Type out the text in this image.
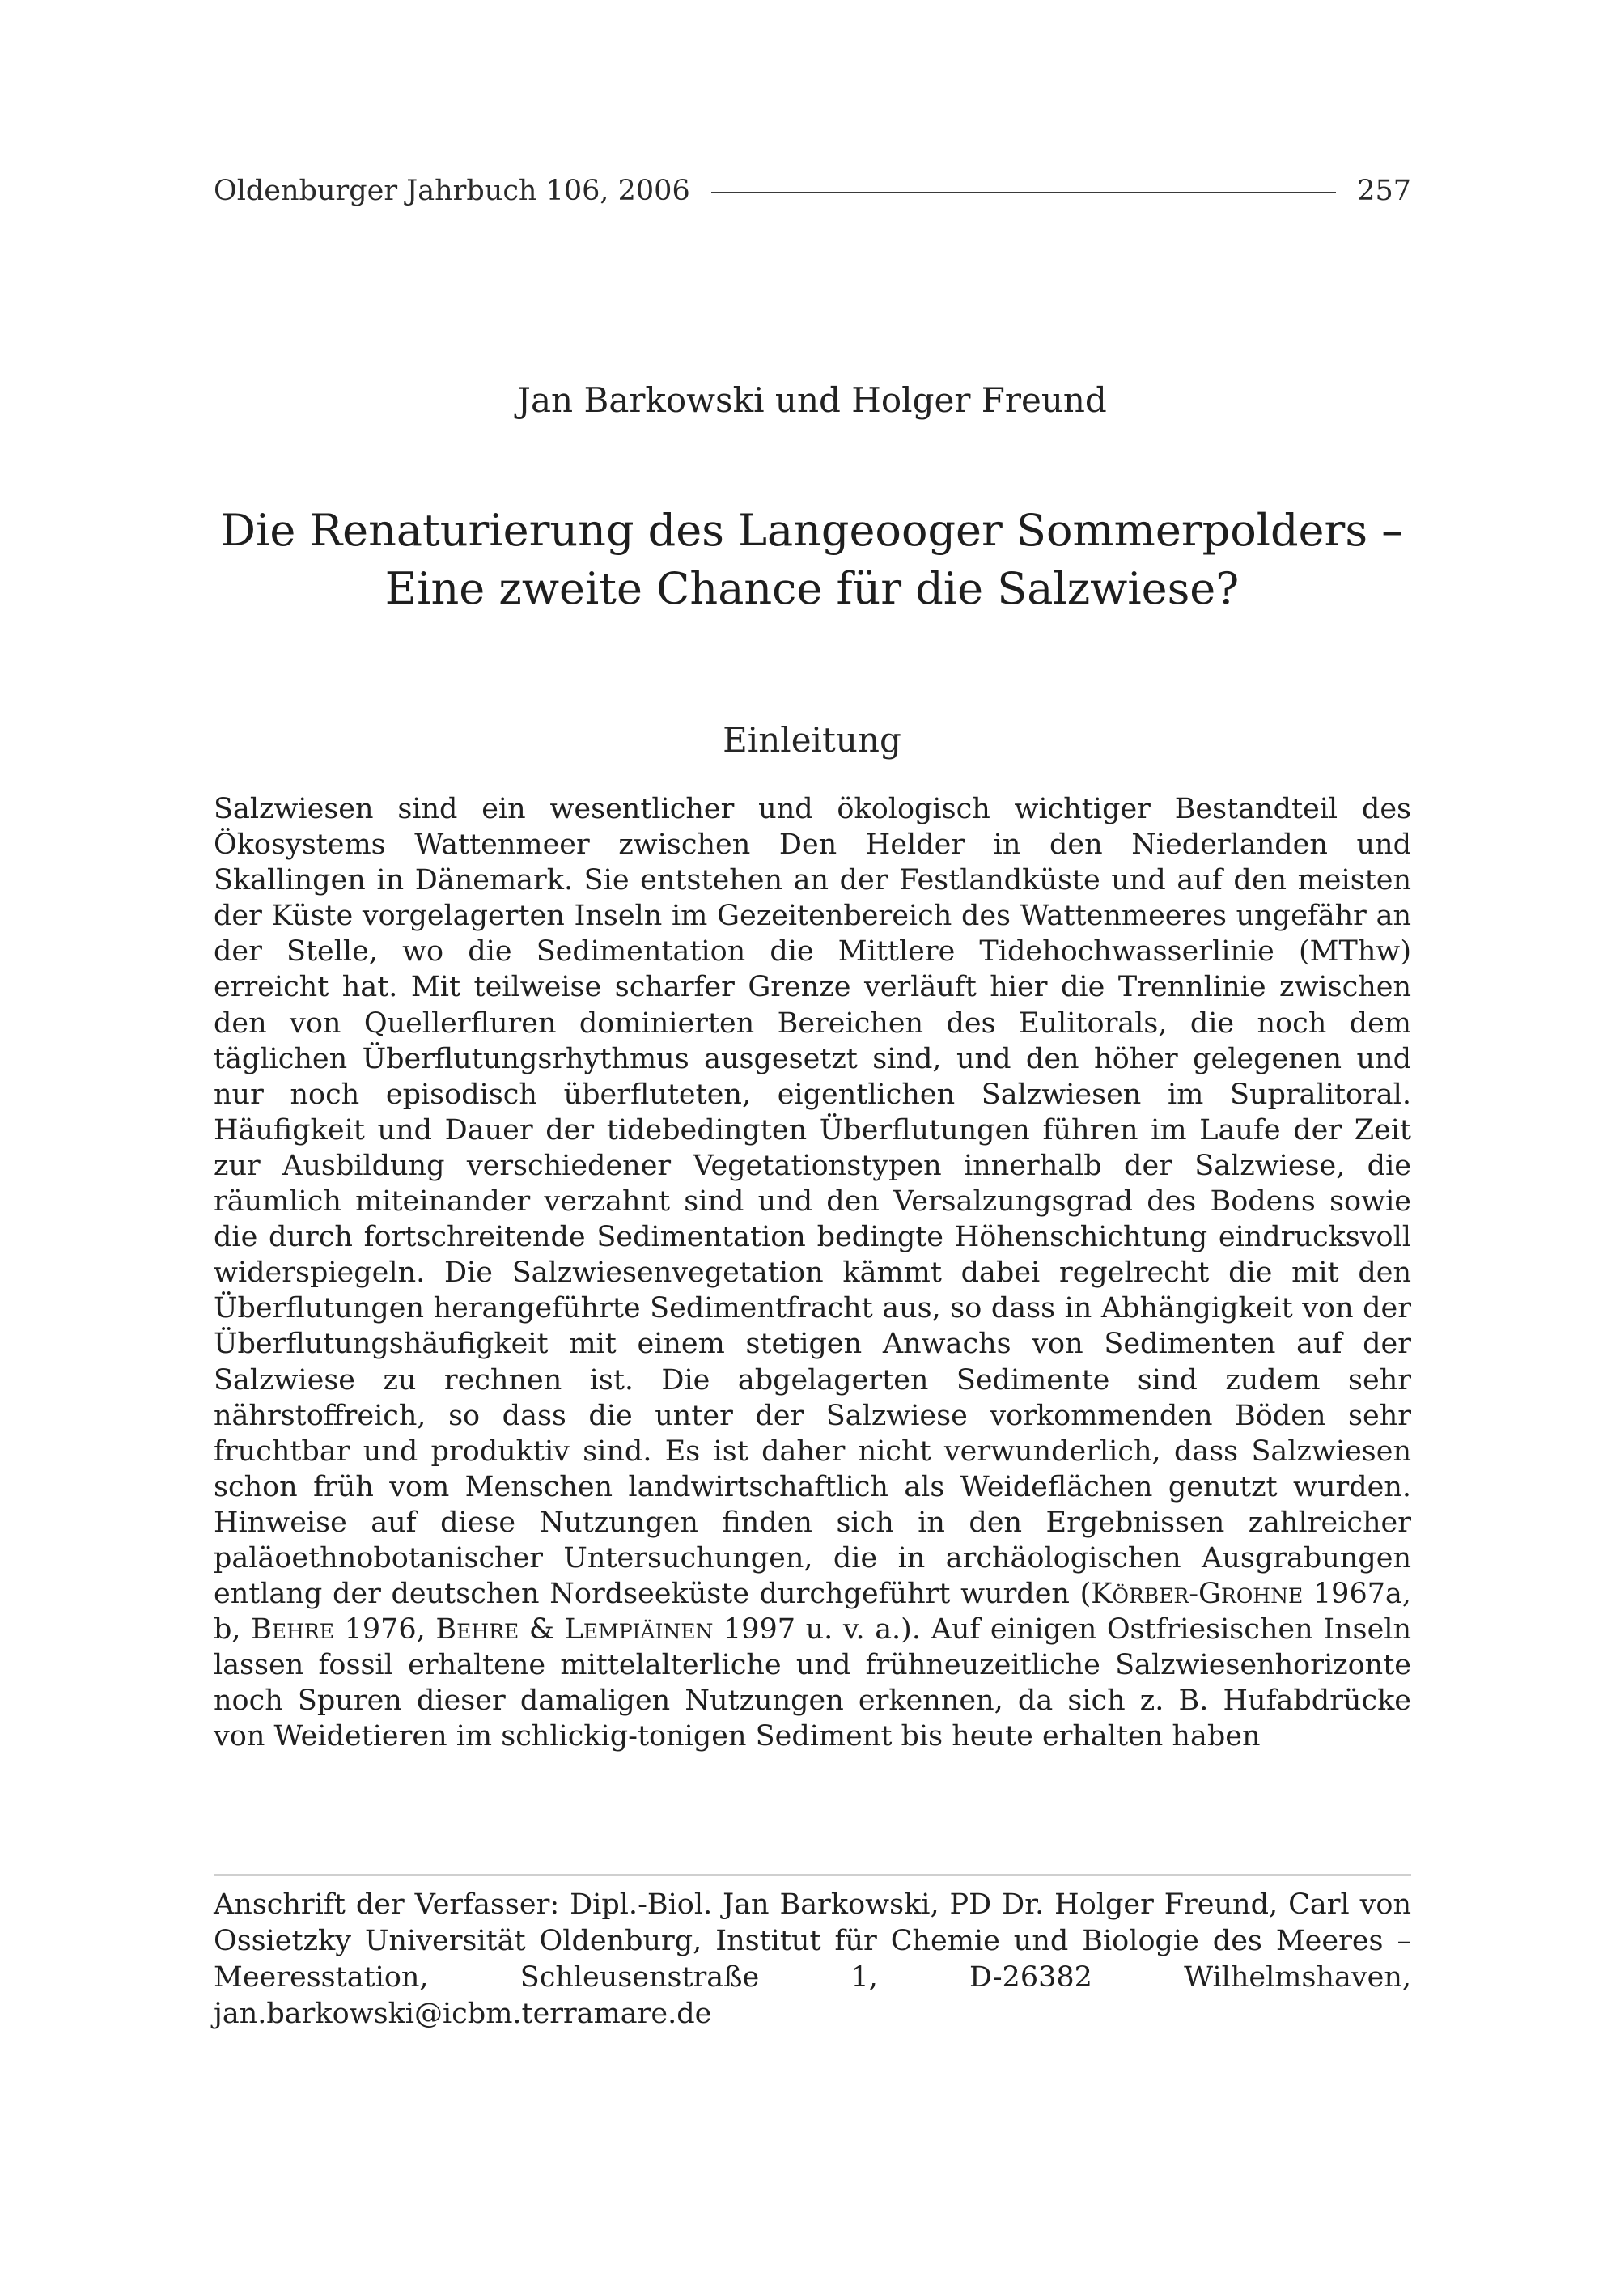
Oldenburger Jahrbuch 106, 2006	257
Jan Barkowski und Holger Freund
Die Renaturierung des Langeooger Sommerpolders –
Eine zweite Chance für die Salzwiese?
Einleitung

Salzwiesen sind ein wesentlicher und ökologisch wichtiger Bestandteil des Ökosystems Wattenmeer zwischen Den Helder in den Niederlanden und Skallingen in Dänemark. Sie entstehen an der Festlandküste und auf den meisten der Küste vorgelagerten Inseln im Gezeitenbereich des Wattenmeeres ungefähr an der Stelle, wo die Sedimentation die Mittlere Tidehochwasserlinie (MThw) erreicht hat. Mit teilweise scharfer Grenze verläuft hier die Trennlinie zwischen den von Quellerfluren dominierten Bereichen des Eulitorals, die noch dem täglichen Überflutungsrhythmus ausgesetzt sind, und den höher gelegenen und nur noch episodisch überfluteten, eigentlichen Salzwiesen im Supralitoral. Häufigkeit und Dauer der tidebedingten Überflutungen führen im Laufe der Zeit zur Ausbildung verschiedener Vegetationstypen innerhalb der Salzwiese, die räumlich miteinander verzahnt sind und den Versalzungsgrad des Bodens sowie die durch fortschreitende Sedimentation bedingte Höhenschichtung eindrucksvoll widerspiegeln. Die Salzwiesenvegetation kämmt dabei regelrecht die mit den Überflutungen herangeführte Sedimentfracht aus, so dass in Abhängigkeit von der Überflutungshäufigkeit mit einem stetigen Anwachs von Sedimenten auf der Salzwiese zu rechnen ist. Die abgelagerten Sedimente sind zudem sehr nährstoffreich, so dass die unter der Salzwiese vorkommenden Böden sehr fruchtbar und produktiv sind. Es ist daher nicht verwunderlich, dass Salzwiesen schon früh vom Menschen landwirtschaftlich als Weideflächen genutzt wurden. Hinweise auf diese Nutzungen finden sich in den Ergebnissen zahlreicher paläoethnobotanischer Untersuchungen, die in archäologischen Ausgrabungen entlang der deutschen Nordseeküste durchgeführt wurden (Körber-Grohne 1967a, b, Behre 1976, Behre & Lempiäinen 1997 u. v. a.). Auf einigen Ostfriesischen Inseln lassen fossil erhaltene mittelalterliche und frühneuzeitliche Salzwiesenhorizonte noch Spuren dieser damaligen Nutzungen erkennen, da sich z. B. Hufabdrücke von Weidetieren im schlickig-tonigen Sediment bis heute erhalten haben

Anschrift der Verfasser: Dipl.-Biol. Jan Barkowski, PD Dr. Holger Freund, Carl von Ossietzky Universität Oldenburg, Institut für Chemie und Biologie des Meeres – Meeresstation, Schleusenstraße 1, D-26382 Wilhelmshaven, jan.barkowski@icbm.terramare.de
